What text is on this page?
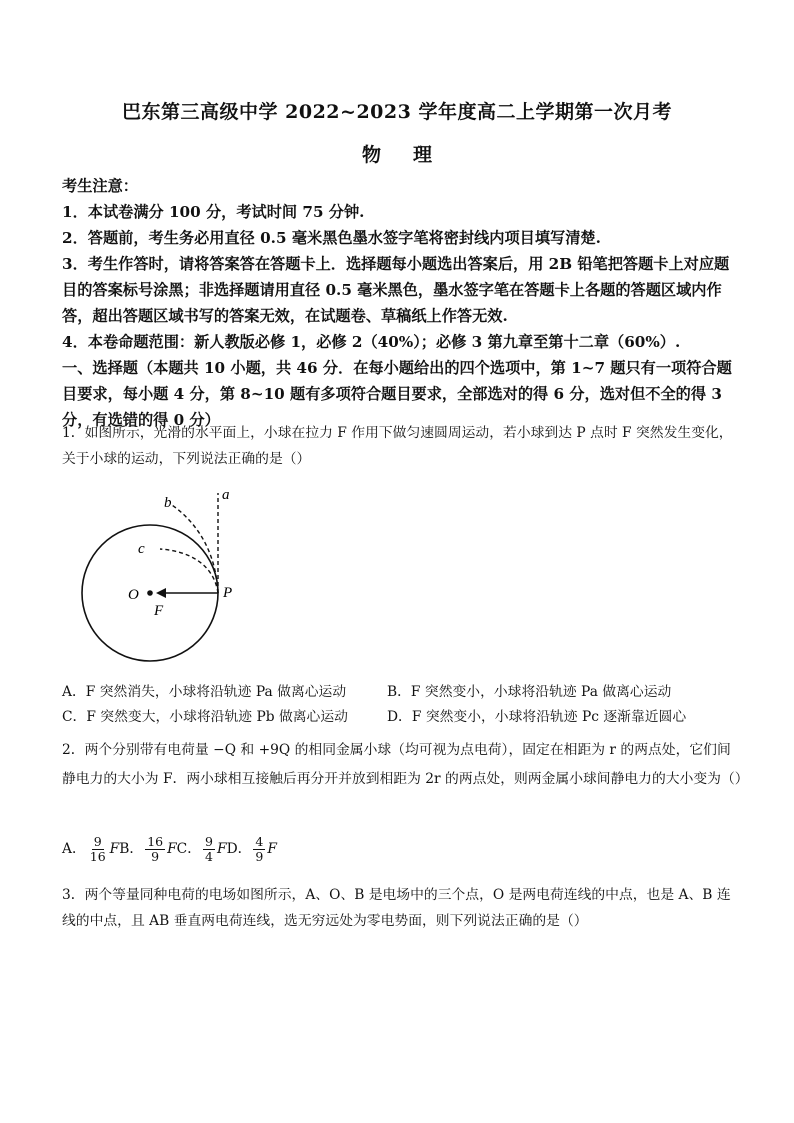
巴东第三高级中学 2022~2023 学年度高二上学期第一次月考
物 理

考生注意：

1．本试卷满分 100 分，考试时间 75 分钟.

2．答题前，考生务必用直径 0.5 毫米黑色墨水签字笔将密封线内项目填写清楚.

3．考生作答时，请将答案答在答题卡上．选择题每小题选出答案后，用 2B 铅笔把答题卡上对应题目的答案标号涂黑；非选择题请用直径 0.5 毫米黑色，墨水签字笔在答题卡上各题的答题区域内作答，超出答题区域书写的答案无效，在试题卷、草稿纸上作答无效.

4．本卷命题范围：新人教版必修 1，必修 2（40%）；必修 3 第九章至第十二章（60%）.

一、选择题（本题共 10 小题，共 46 分．在每小题给出的四个选项中，第 1~7 题只有一项符合题目要求，每小题 4 分，第 8~10 题有多项符合题目要求，全部选对的得 6 分，选对但不全的得 3 分，有选错的得 0 分）

1．如图所示，光滑的水平面上，小球在拉力 F 作用下做匀速圆周运动，若小球到达 P 点时 F 突然发生变化，关于小球的运动，下列说法正确的是（）

a
b
c
O
F
P
A．F 突然消失，小球将沿轨迹 Pa 做离心运动	B．F 突然变小，小球将沿轨迹 Pa 做离心运动
C．F 突然变大，小球将沿轨迹 Pb 做离心运动	D．F 突然变小，小球将沿轨迹 Pc 逐渐靠近圆心

2．两个分别带有电荷量 −Q 和 +9Q 的相同金属小球（均可视为点电荷），固定在相距为 r 的两点处，它们间静电力的大小为 F．两小球相互接触后再分开并放到相距为 2r 的两点处，则两金属小球间静电力的大小变为（）

A． $\frac{9}{16}$ FB． $\frac{16}{9}$ FC． $\frac{9}{4}$ FD． $\frac{4}{9}$ F

3．两个等量同种电荷的电场如图所示，A、O、B 是电场中的三个点，O 是两电荷连线的中点，也是 A、B 连线的中点，且 AB 垂直两电荷连线，选无穷远处为零电势面，则下列说法正确的是（）
